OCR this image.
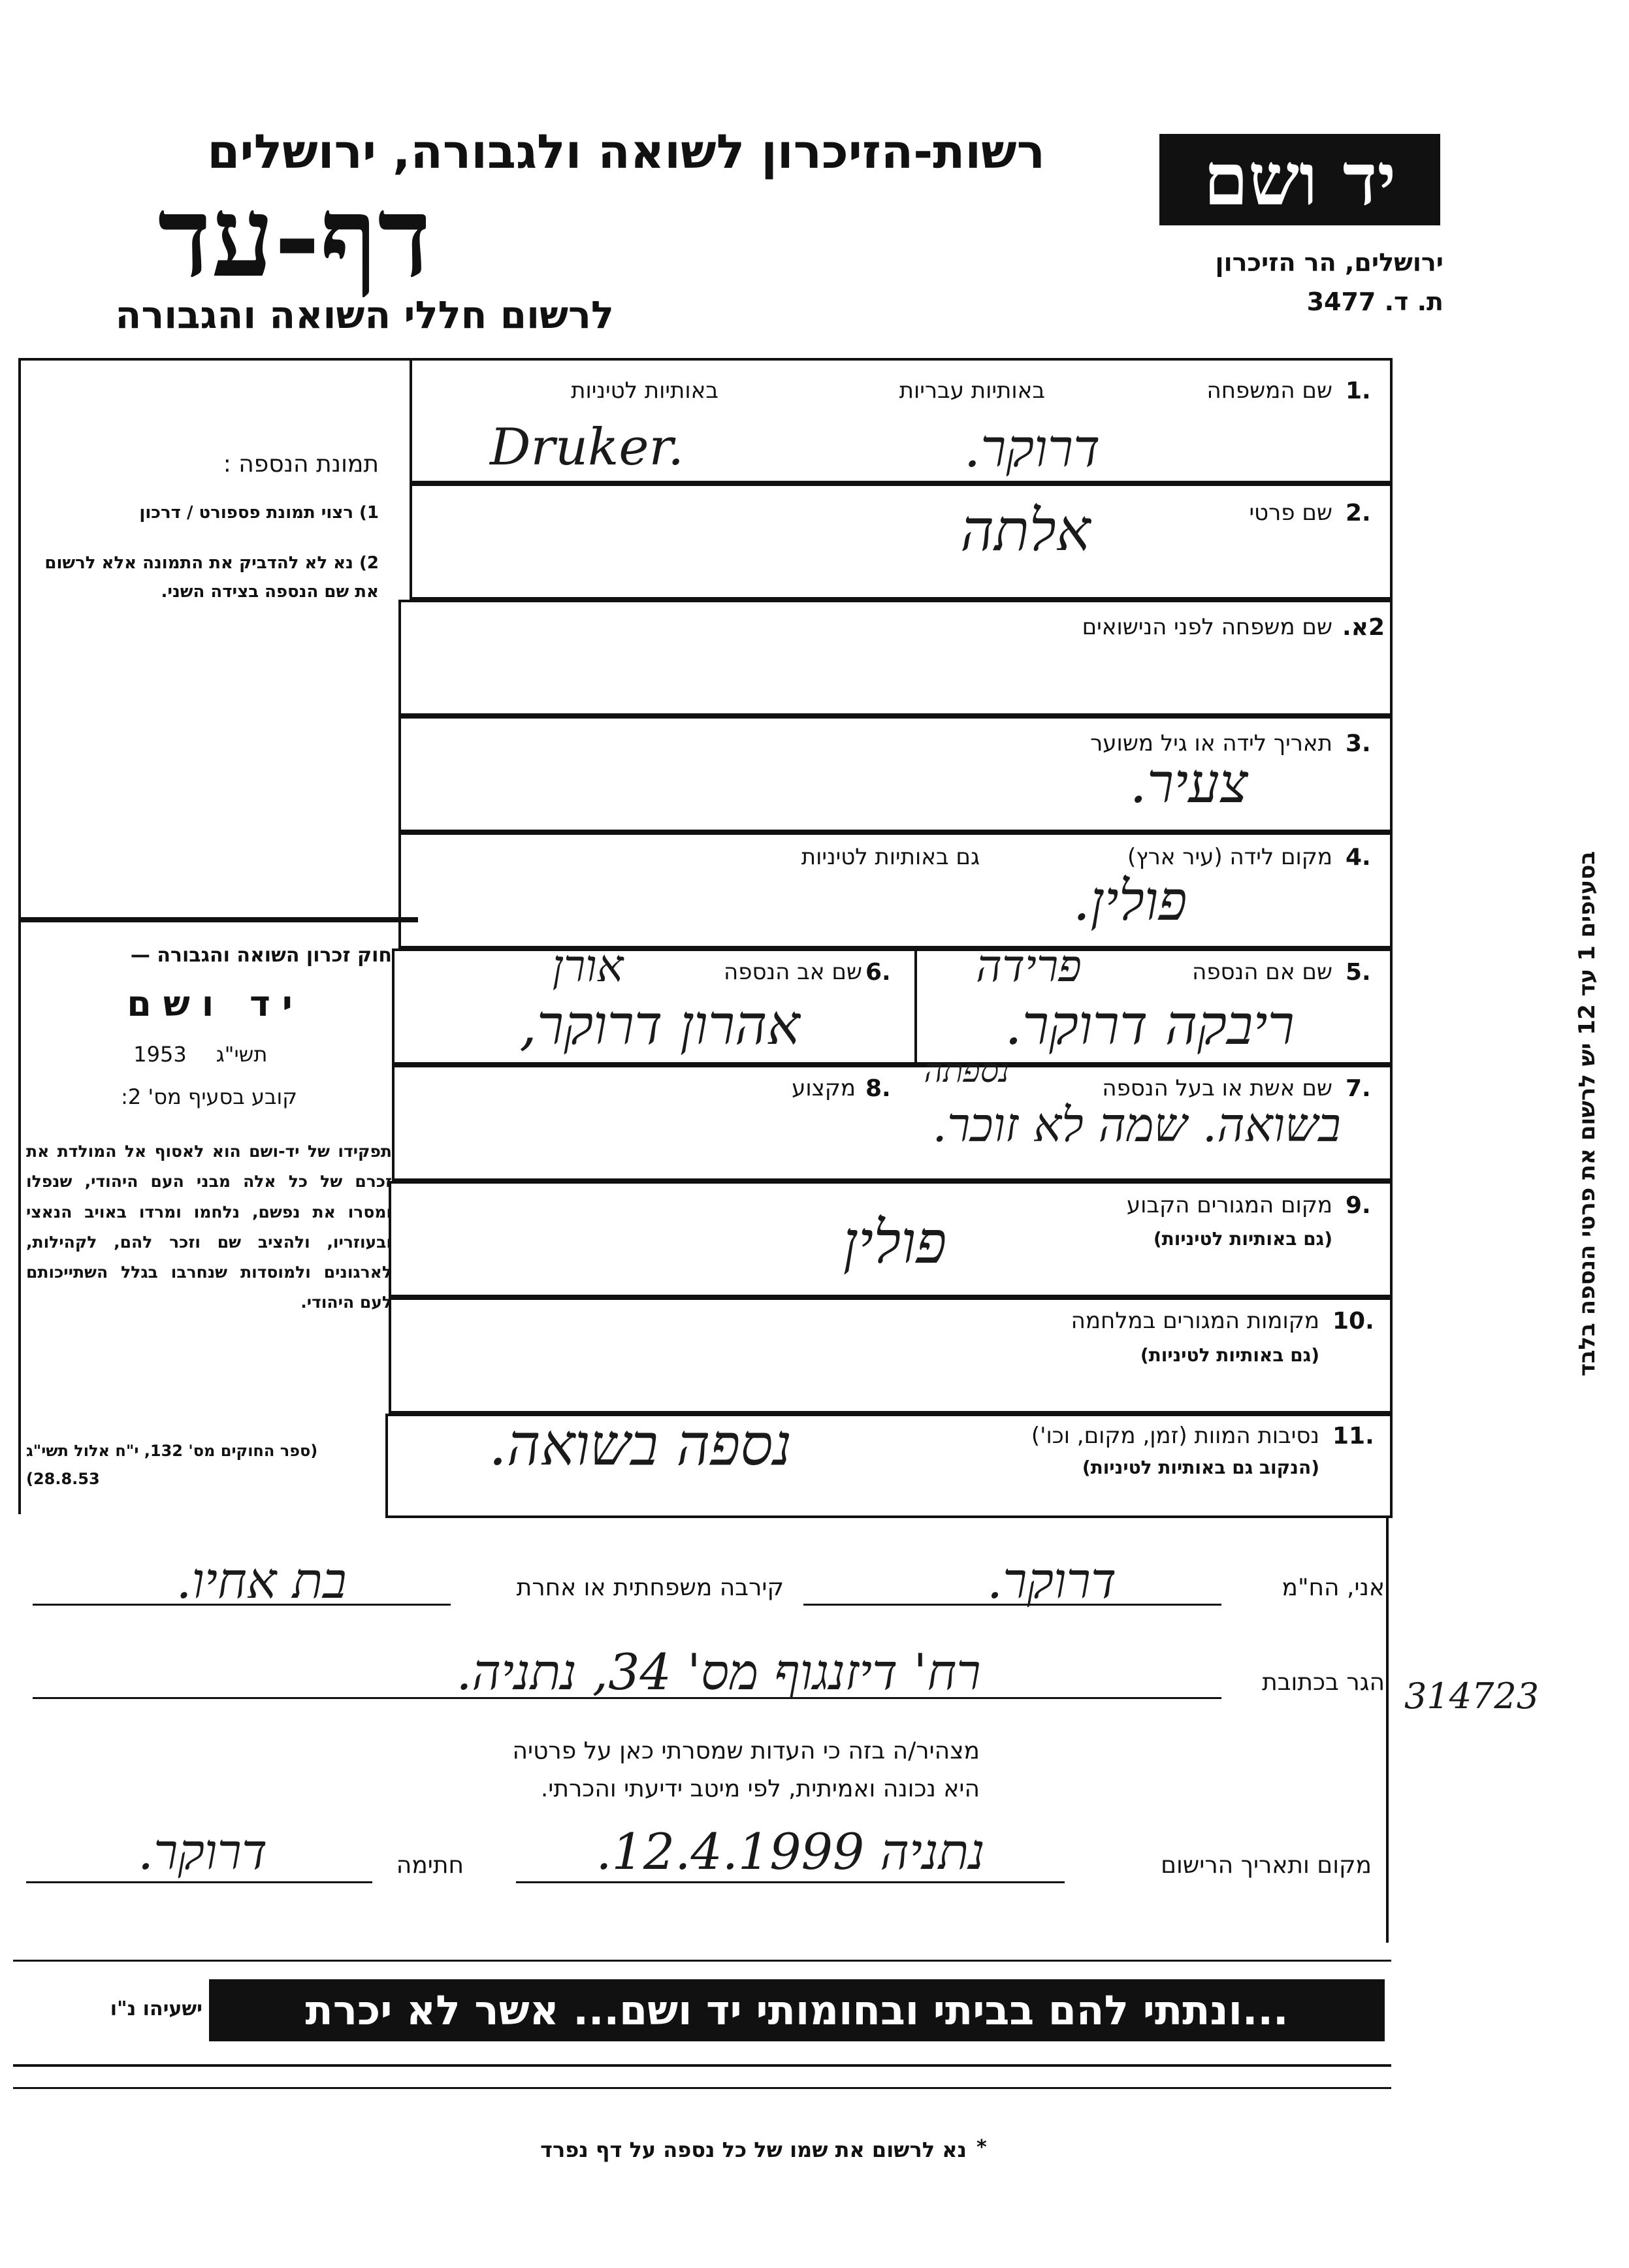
יד ושם
ירושלים, הר הזיכרון
ת. ד. 3477
רשות-הזיכרון לשואה ולגבורה, ירושלים
דף-עד
לרשום חללי השואה והגבורה
תמונת הנספה :
1) רצוי תמונת פספורט / דרכון
2) נא לא להדביק את התמונה אלא לרשום את שם הנספה בצידה השני.
חוק זכרון השואה והגבורה —
יד ושם
תשי"ג
1953
קובע בסעיף מס' 2:
תפקידו של יד-ושם הוא לאסוף אל המולדת את זכרם של כל אלה מבני העם היהודי, שנפלו ומסרו את נפשם, נלחמו ומרדו באויב הנאצי ובעוזריו, ולהציב שם וזכר להם, לקהילות, לארגונים ולמוסדות שנחרבו בגלל השתייכותם לעם היהודי.
(ספר החוקים מס' 132, י"ח אלול תשי"ג 28.8.53)
1.
שם המשפחה
באותיות עבריות
באותיות לטיניות
דרוקר.
Druker.
2.
שם פרטי
אלתה
2א.
שם משפחה לפני הנישואים
3.
תאריך לידה או גיל משוער
צעיר.
4.
מקום לידה (עיר ארץ)
גם באותיות לטיניות
פולין.
5.
שם אם הנספה
פרידה
ריבקה דרוקר.
6.
שם אב הנספה
אורן
אהרון דרוקר,
7.
שם אשת או בעל הנספה
8.
מקצוע	נספתה
בשואה. שמה לא זוכר.
9.
מקום המגורים הקבוע
(גם באותיות לטיניות)
פולין
10.
מקומות המגורים במלחמה
(גם באותיות לטיניות)
11.
נסיבות המוות (זמן, מקום, וכו')
(הנקוב גם באותיות לטיניות)
נספה בשואה.
בסעיפים 1 עד 12 יש לרשום את פרטי הנספה בלבד
אני, הח"מ
דרוקר.
קירבה משפחתית או אחרת
בת אחיו.
הגר בכתובת
רח' דיזנגוף מס' 34, נתניה.	314723
מצהיר/ה בזה כי העדות שמסרתי כאן על פרטיה
היא נכונה ואמיתית, לפי מיטב ידיעתי והכרתי.
מקום ותאריך הרישום
נתניה 12.4.1999.
חתימה
דרוקר.
...ונתתי להם בביתי ובחומותי יד ושם... אשר לא יכרת
ישעיהו נ"ו
*
נא לרשום את שמו של כל נספה על דף נפרד
